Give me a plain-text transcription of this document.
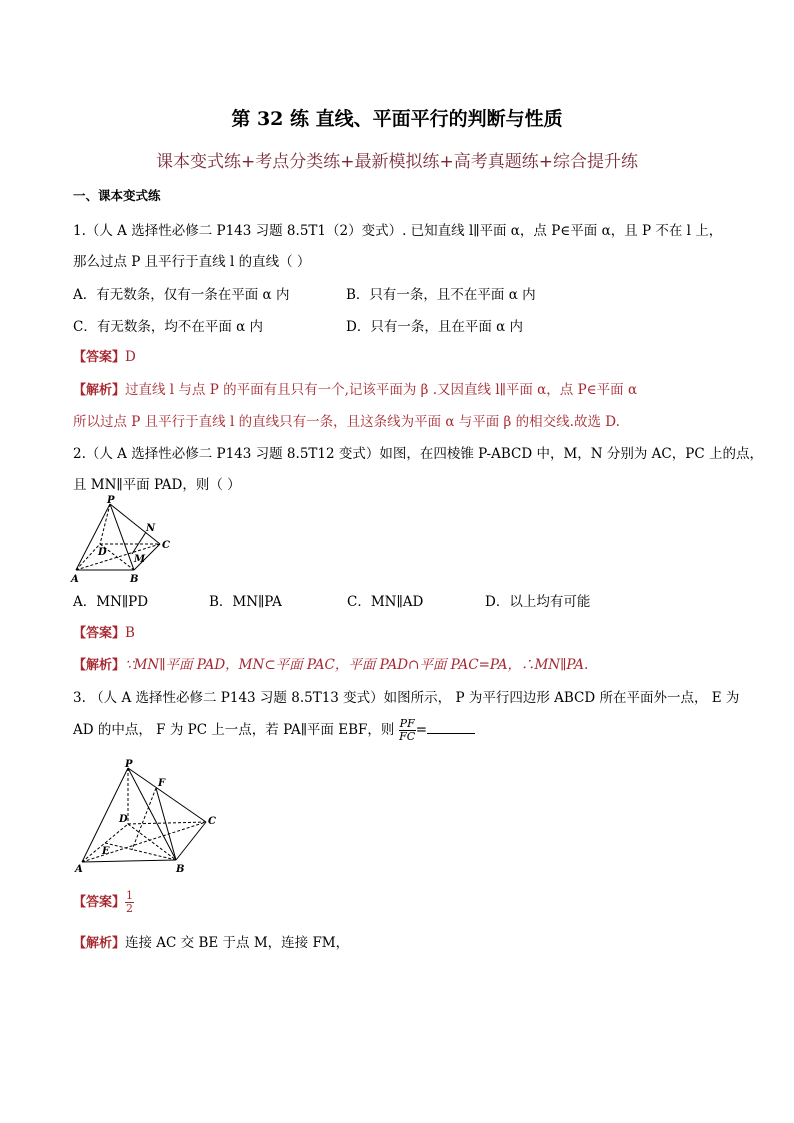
第 32 练 直线、平面平行的判断与性质
课本变式练+考点分类练+最新模拟练+高考真题练+综合提升练
一、课本变式练
1.（人 A 选择性必修二 P143 习题 8.5T1（2）变式）. 已知直线 l∥平面 α，点 P∈平面 α，且 P 不在 l 上，
那么过点 P 且平行于直线 l 的直线（ ）
A．有无数条，仅有一条在平面 α 内	B．只有一条，且不在平面 α 内
C．有无数条，均不在平面 α 内	D．只有一条，且在平面 α 内
【答案】D
【解析】过直线 l 与点 P 的平面有且只有一个,记该平面为 β .又因直线 l∥平面 α，点 P∈平面 α
所以过点 P 且平行于直线 l 的直线只有一条，且这条线为平面 α 与平面 β 的相交线.故选 D.
2.（人 A 选择性必修二 P143 习题 8.5T12 变式）如图，在四棱锥 P-ABCD 中，M，N 分别为 AC，PC 上的点，
且 MN∥平面 PAD，则（ ）
P
N
C
D
M
A	B
A．MN∥PD	B．MN∥PA	C．MN∥AD	D．以上均有可能
【答案】B
【解析】∵MN∥平面 PAD，MN⊂平面 PAC，平面 PAD∩平面 PAC=PA，∴MN∥PA.
3. （人 A 选择性必修二 P143 习题 8.5T13 变式）如图所示， P 为平行四边形 ABCD 所在平面外一点， E 为
AD 的中点， F 为 PC 上一点，若 PA∥平面 EBF，则 $\frac{PF}{FC}$ =
P
F
D	C
E
A	B
【答案】 $\frac{1}{2}$
【解析】连接 AC 交 BE 于点 M，连接 FM，
